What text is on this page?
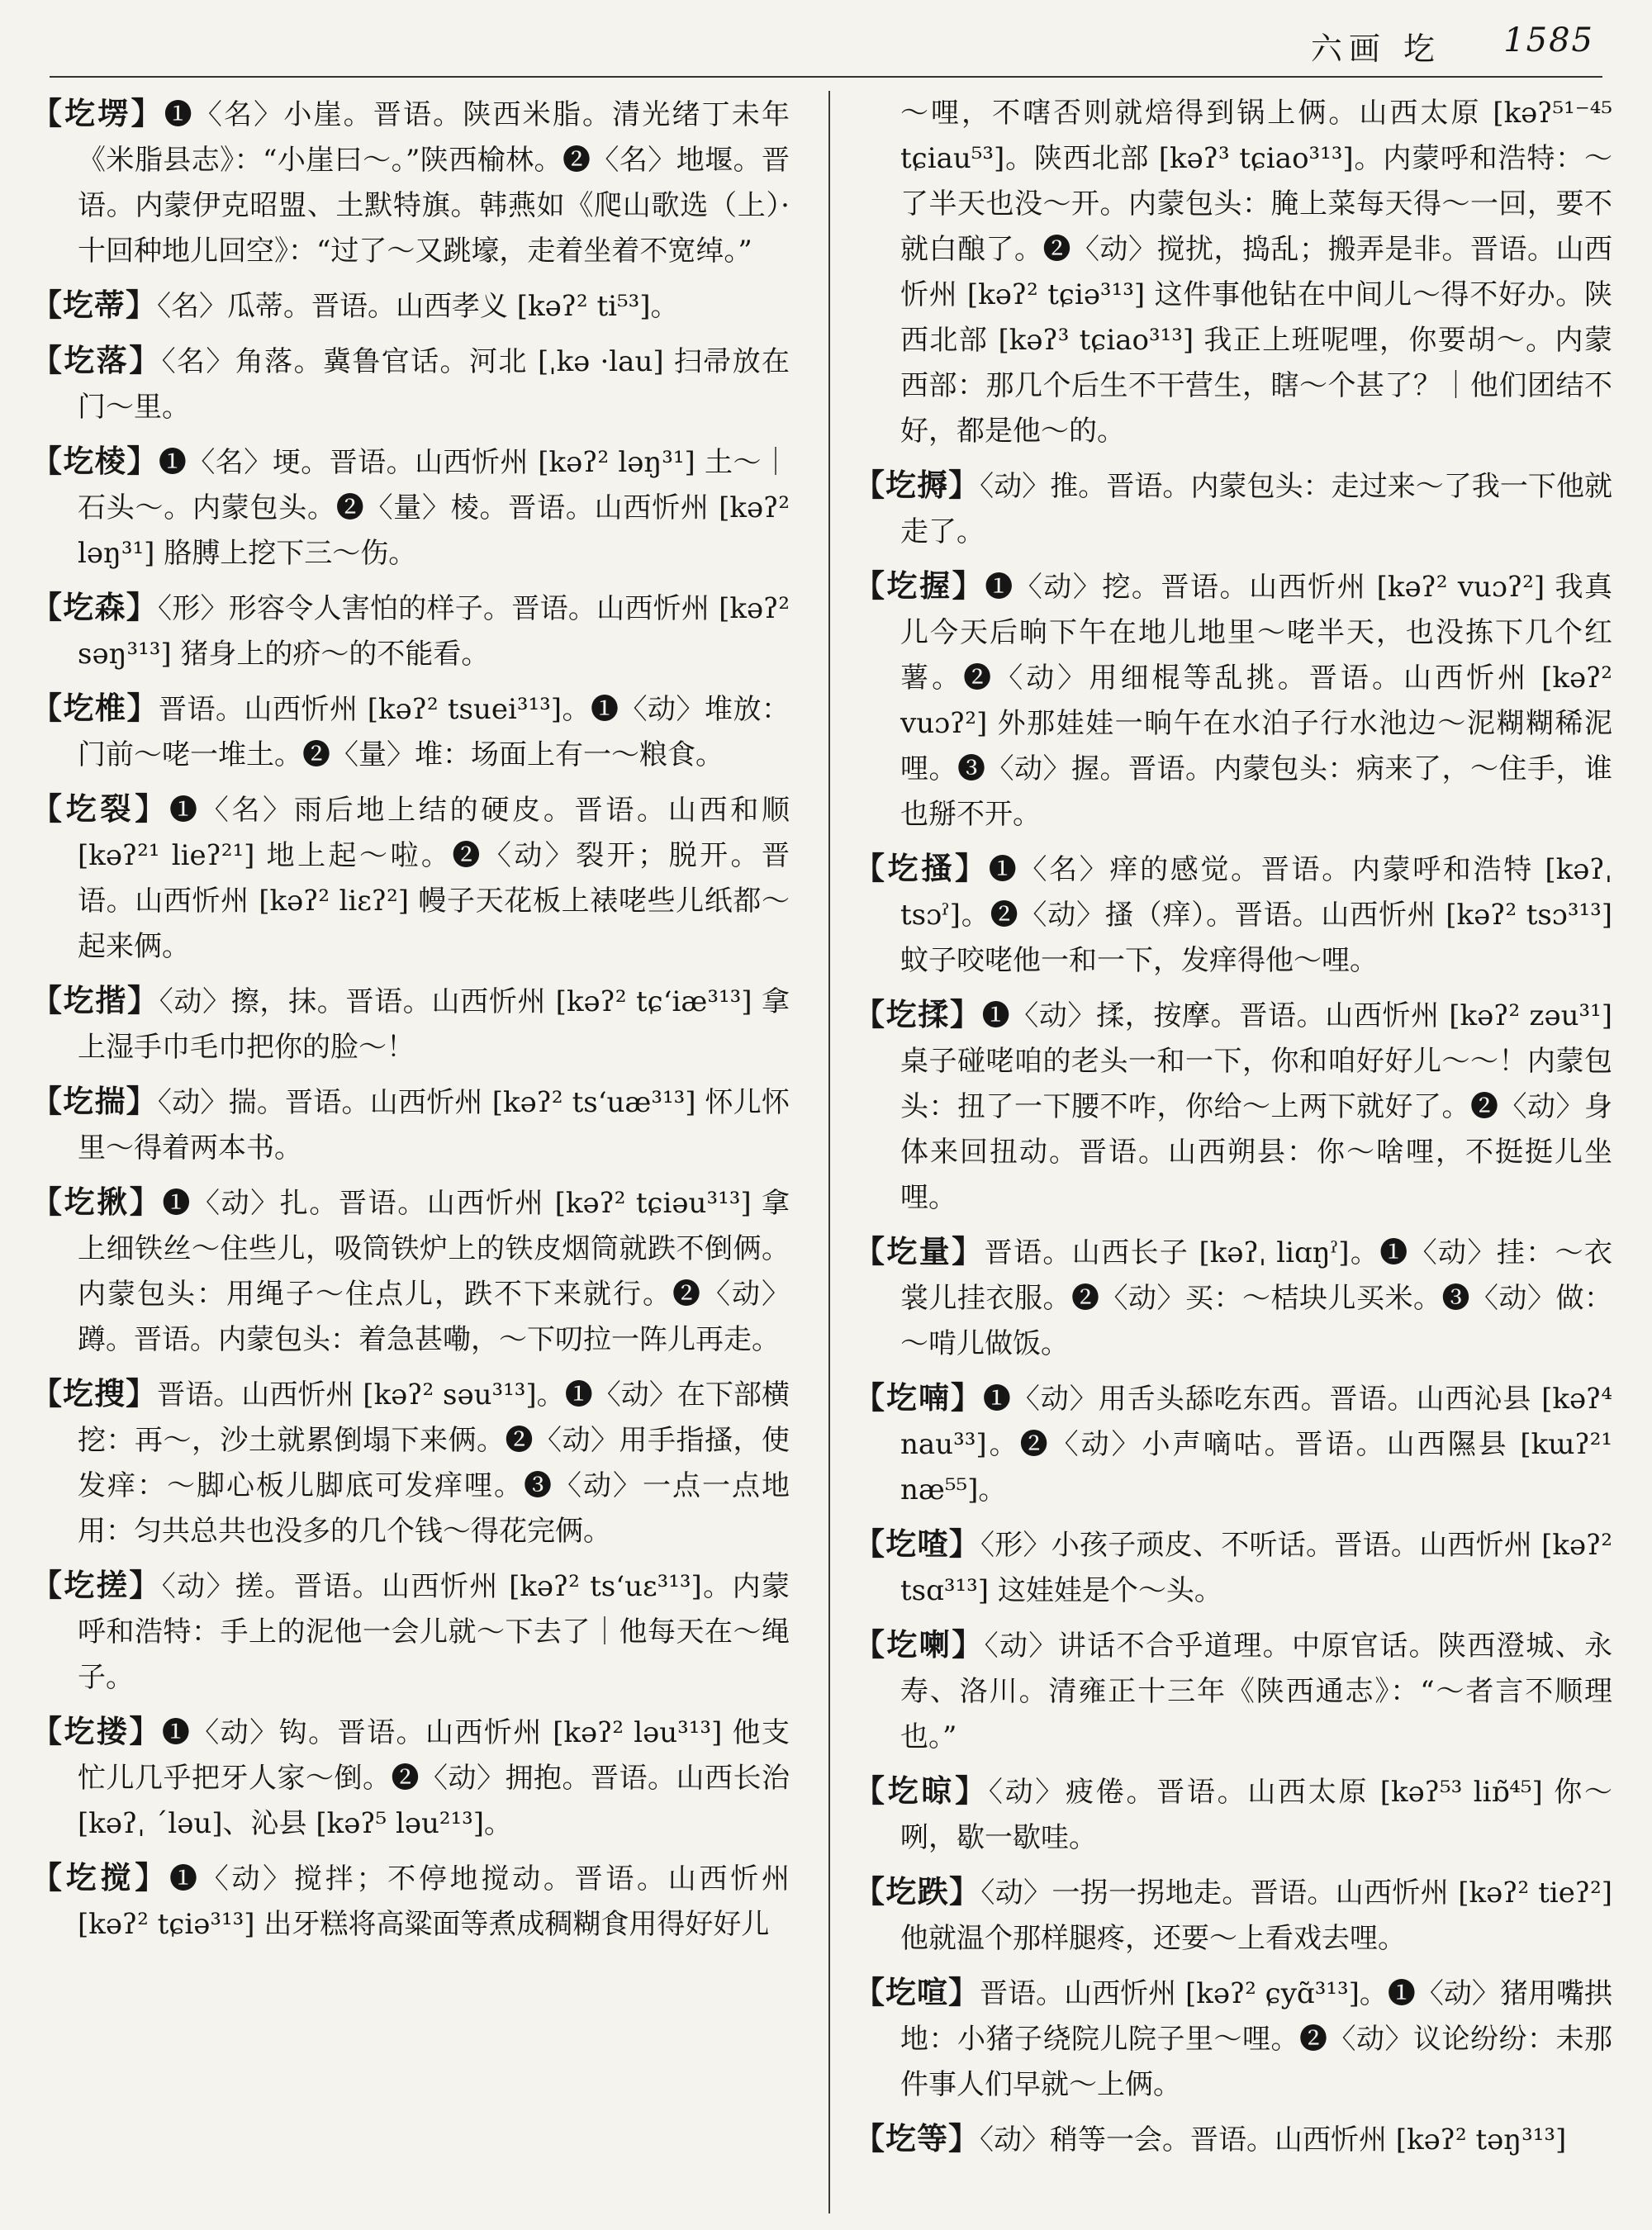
六画 圪 1585

【圪塄】❶〈名〉小崖。晋语。陕西米脂。清光绪丁未年《米脂县志》：“小崖曰～。”陕西榆林。❷〈名〉地堰。晋语。内蒙伊克昭盟、土默特旗。韩燕如《爬山歌选（上）·十回种地儿回空》：“过了～又跳壕，走着坐着不宽绰。”

【圪蒂】〈名〉瓜蒂。晋语。山西孝义 [kəʔ² ti⁵³]。

【圪落】〈名〉角落。冀鲁官话。河北 [ˌkə ·lau] 扫帚放在门～里。

【圪棱】❶〈名〉埂。晋语。山西忻州 [kəʔ² ləŋ³¹] 土～｜石头～。内蒙包头。❷〈量〉棱。晋语。山西忻州 [kəʔ² ləŋ³¹] 胳膊上挖下三～伤。

【圪森】〈形〉形容令人害怕的样子。晋语。山西忻州 [kəʔ² səŋ³¹³] 猪身上的疥～的不能看。

【圪椎】晋语。山西忻州 [kəʔ² tsuei³¹³]。❶〈动〉堆放：门前～咾一堆土。❷〈量〉堆：场面上有一～粮食。

【圪裂】❶〈名〉雨后地上结的硬皮。晋语。山西和顺 [kəʔ²¹ lieʔ²¹] 地上起～啦。❷〈动〉裂开；脱开。晋语。山西忻州 [kəʔ² liɛʔ²] 幔子天花板上裱咾些儿纸都～起来俩。

【圪揩】〈动〉擦，抹。晋语。山西忻州 [kəʔ² tɕʻiæ³¹³] 拿上湿手巾毛巾把你的脸～！

【圪揣】〈动〉揣。晋语。山西忻州 [kəʔ² tsʻuæ³¹³] 怀儿怀里～得着两本书。

【圪揪】❶〈动〉扎。晋语。山西忻州 [kəʔ² tɕiəu³¹³] 拿上细铁丝～住些儿，吸筒铁炉上的铁皮烟筒就跌不倒俩。内蒙包头：用绳子～住点儿，跌不下来就行。❷〈动〉蹲。晋语。内蒙包头：着急甚嘞，～下叨拉一阵儿再走。

【圪搜】晋语。山西忻州 [kəʔ² səu³¹³]。❶〈动〉在下部横挖：再～，沙土就累倒塌下来俩。❷〈动〉用手指搔，使发痒：～脚心板儿脚底可发痒哩。❸〈动〉一点一点地用：匀共总共也没多的几个钱～得花完俩。

【圪搓】〈动〉搓。晋语。山西忻州 [kəʔ² tsʻuɛ³¹³]。内蒙呼和浩特：手上的泥他一会儿就～下去了｜他每天在～绳子。

【圪搂】❶〈动〉钩。晋语。山西忻州 [kəʔ² ləu³¹³] 他支忙儿几乎把牙人家～倒。❷〈动〉拥抱。晋语。山西长治 [kəʔˌ ˊləu]、沁县 [kəʔ⁵ ləu²¹³]。

【圪搅】❶〈动〉搅拌；不停地搅动。晋语。山西忻州 [kəʔ² tɕiə³¹³] 出牙糕将高粱面等煮成稠糊食用得好好儿

～哩，不嗐否则就焙得到锅上俩。山西太原 [kəʔ⁵¹⁻⁴⁵ tɕiau⁵³]。陕西北部 [kəʔ³ tɕiao³¹³]。内蒙呼和浩特：～了半天也没～开。内蒙包头：腌上菜每天得～一回，要不就白酿了。❷〈动〉搅扰，捣乱；搬弄是非。晋语。山西忻州 [kəʔ² tɕiə³¹³] 这件事他钻在中间儿～得不好办。陕西北部 [kəʔ³ tɕiao³¹³] 我正上班呢哩，你要胡～。内蒙西部：那几个后生不干营生，瞎～个甚了？｜他们团结不好，都是他～的。

【圪搙】〈动〉推。晋语。内蒙包头：走过来～了我一下他就走了。

【圪握】❶〈动〉挖。晋语。山西忻州 [kəʔ² vuɔʔ²] 我真儿今天后晌下午在地儿地里～咾半天，也没拣下几个红薯。❷〈动〉用细棍等乱挑。晋语。山西忻州 [kəʔ² vuɔʔ²] 外那娃娃一晌午在水泊子行水池边～泥糊糊稀泥哩。❸〈动〉握。晋语。内蒙包头：病来了，～住手，谁也掰不开。

【圪搔】❶〈名〉痒的感觉。晋语。内蒙呼和浩特 [kəʔˌ tsɔˀ]。❷〈动〉搔（痒）。晋语。山西忻州 [kəʔ² tsɔ³¹³] 蚊子咬咾他一和一下，发痒得他～哩。

【圪揉】❶〈动〉揉，按摩。晋语。山西忻州 [kəʔ² zəu³¹] 桌子碰咾咱的老头一和一下，你和咱好好儿～～！内蒙包头：扭了一下腰不咋，你给～上两下就好了。❷〈动〉身体来回扭动。晋语。山西朔县：你～啥哩，不挺挺儿坐哩。

【圪量】晋语。山西长子 [kəʔˌ liɑŋˀ]。❶〈动〉挂：～衣裳儿挂衣服。❷〈动〉买：～桔块儿买米。❸〈动〉做：～啃儿做饭。

【圪喃】❶〈动〉用舌头舔吃东西。晋语。山西沁县 [kəʔ⁴ nau³³]。❷〈动〉小声嘀咕。晋语。山西隰县 [kɯʔ²¹ næ⁵⁵]。

【圪喳】〈形〉小孩子顽皮、不听话。晋语。山西忻州 [kəʔ² tsɑ³¹³] 这娃娃是个～头。

【圪喇】〈动〉讲话不合乎道理。中原官话。陕西澄城、永寿、洛川。清雍正十三年《陕西通志》：“～者言不顺理也。”

【圪晾】〈动〉疲倦。晋语。山西太原 [kəʔ⁵³ liɒ̃⁴⁵] 你～咧，歇一歇哇。

【圪跌】〈动〉一拐一拐地走。晋语。山西忻州 [kəʔ² tieʔ²] 他就温个那样腿疼，还要～上看戏去哩。

【圪喧】晋语。山西忻州 [kəʔ² ɕyɑ̃³¹³]。❶〈动〉猪用嘴拱地：小猪子绕院儿院子里～哩。❷〈动〉议论纷纷：未那件事人们早就～上俩。

【圪等】〈动〉稍等一会。晋语。山西忻州 [kəʔ² təŋ³¹³]
